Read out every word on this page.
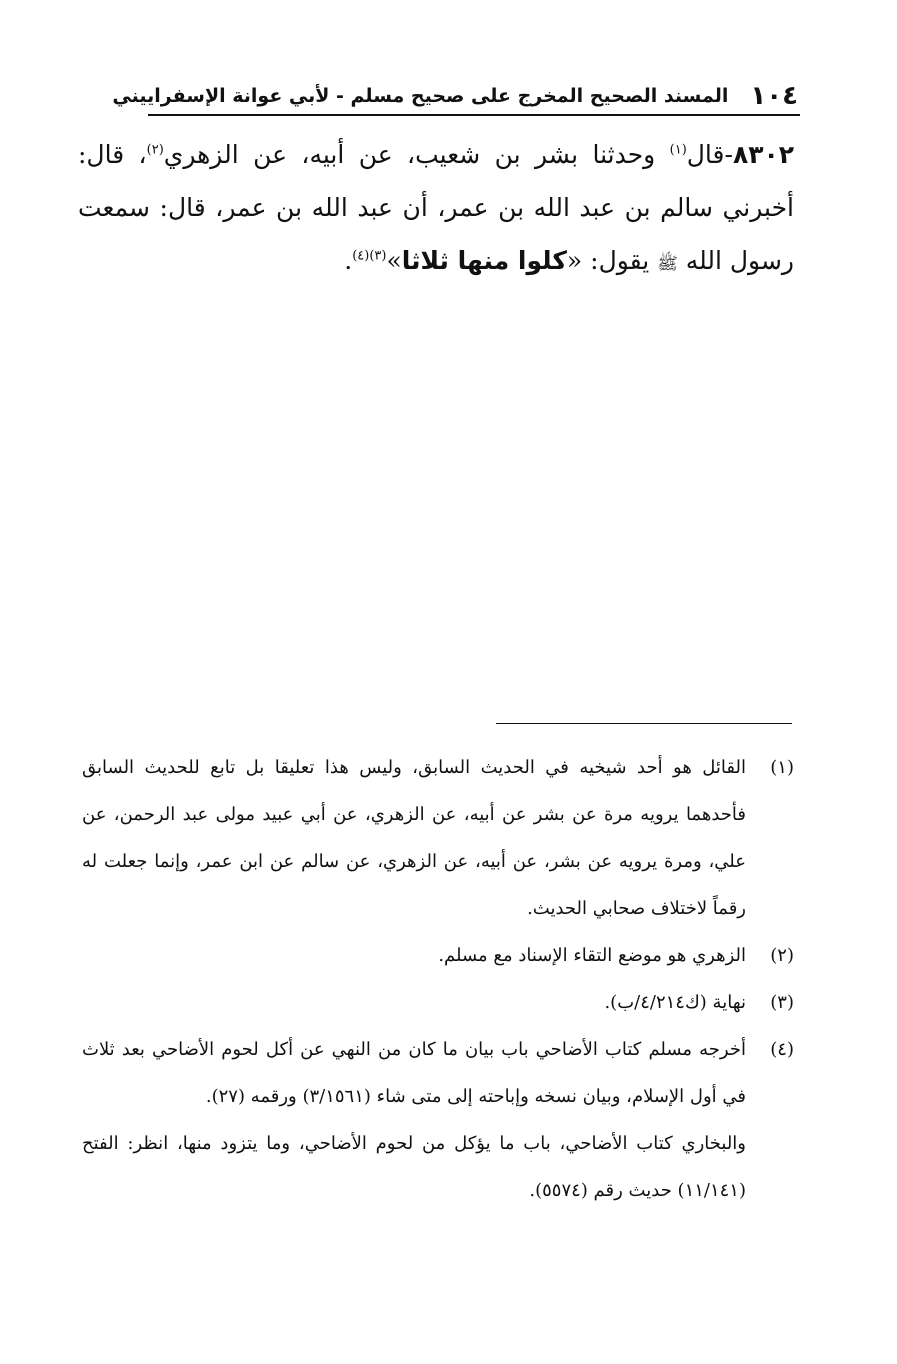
١٠٤
المسند الصحيح المخرج على صحيح مسلم - لأبي عوانة الإسفراييني
٨٣٠٢-قال$^{(١)}$ وحدثنا بشر بن شعيب، عن أبيه، عن الزهري$^{(٢)}$، قال: أخبرني سالم بن عبد الله بن عمر، أن عبد الله بن عمر، قال: سمعت رسول الله ﷺ يقول: «كلوا منها ثلاثا»$^{(٣)(٤)}$.
(١)
القائل هو أحد شيخيه في الحديث السابق، وليس هذا تعليقا بل تابع للحديث السابق فأحدهما يرويه مرة عن بشر عن أبيه، عن الزهري، عن أبي عبيد مولى عبد الرحمن، عن علي، ومرة يرويه عن بشر، عن أبيه، عن الزهري، عن سالم عن ابن عمر، وإنما جعلت له رقماً لاختلاف صحابي الحديث.
(٢)
الزهري هو موضع التقاء الإسناد مع مسلم.
(٣)
نهاية (ك٤/٢١٤/ب).
(٤)
أخرجه مسلم كتاب الأضاحي باب بيان ما كان من النهي عن أكل لحوم الأضاحي بعد ثلاث في أول الإسلام، وبيان نسخه وإباحته إلى متى شاء (٣/١٥٦١) ورقمه (٢٧).
والبخاري كتاب الأضاحي، باب ما يؤكل من لحوم الأضاحي، وما يتزود منها، انظر: الفتح (١١/١٤١) حديث رقم (٥٥٧٤).
